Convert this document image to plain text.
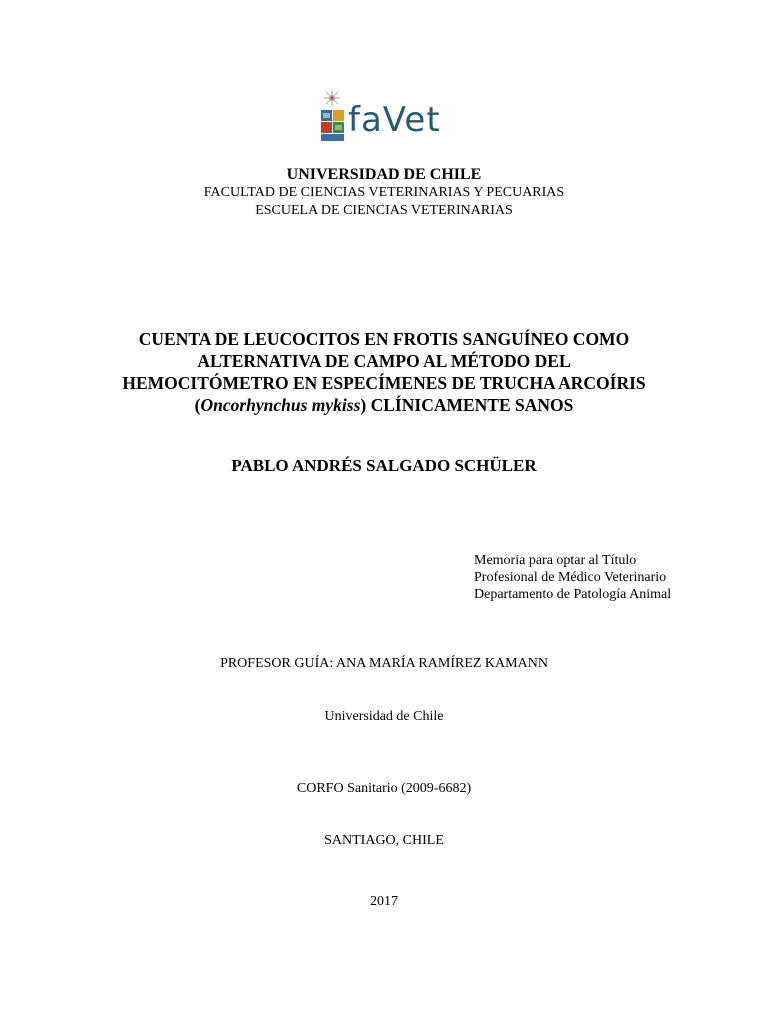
faVet
UNIVERSIDAD DE CHILE
FACULTAD DE CIENCIAS VETERINARIAS Y PECUARIAS
ESCUELA DE CIENCIAS VETERINARIAS
CUENTA DE LEUCOCITOS EN FROTIS SANGUÍNEO COMO
ALTERNATIVA DE CAMPO AL MÉTODO DEL
HEMOCITÓMETRO EN ESPECÍMENES DE TRUCHA ARCOÍRIS
(Oncorhynchus mykiss) CLÍNICAMENTE SANOS
PABLO ANDRÉS SALGADO SCHÜLER
Memoria para optar al Título
Profesional de Médico Veterinario
Departamento de Patología Animal
PROFESOR GUÍA: ANA MARÍA RAMÍREZ KAMANN
Universidad de Chile
CORFO Sanitario (2009-6682)
SANTIAGO, CHILE
2017
